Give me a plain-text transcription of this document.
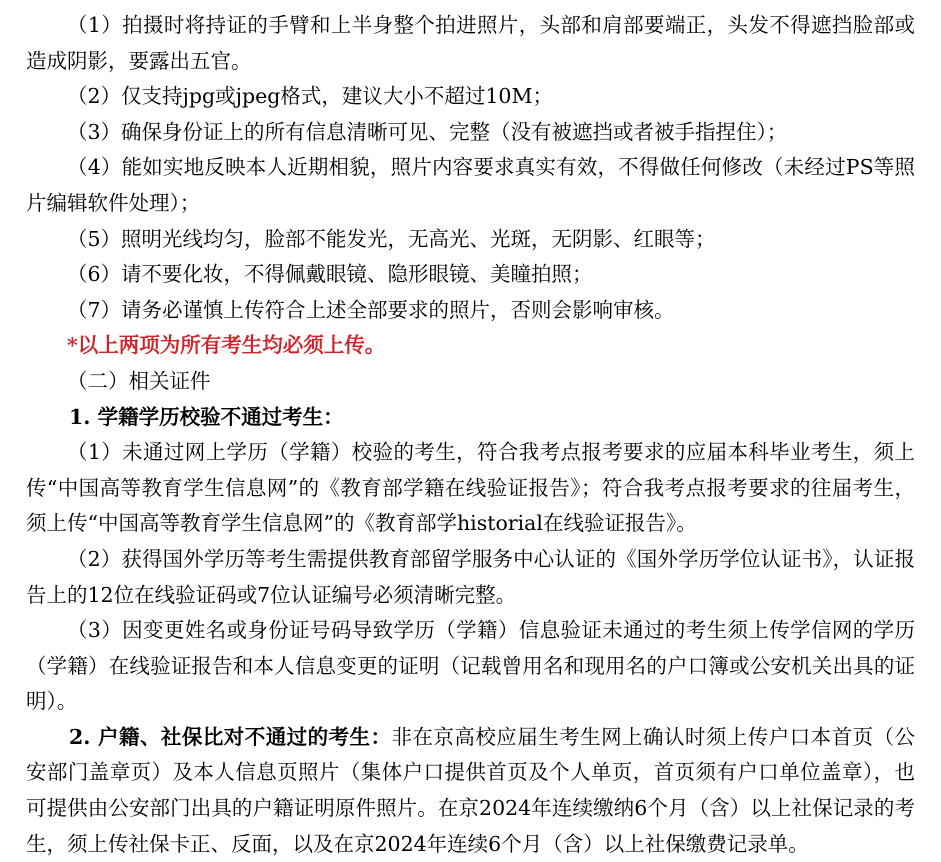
（1）拍摄时将持证的手臂和上半身整个拍进照片，头部和肩部要端正，头发不得遮挡脸部或造成阴影，要露出五官。

（2）仅支持jpg或jpeg格式，建议大小不超过10M；

（3）确保身份证上的所有信息清晰可见、完整（没有被遮挡或者被手指捏住）；

（4）能如实地反映本人近期相貌，照片内容要求真实有效，不得做任何修改（未经过PS等照片编辑软件处理）；

（5）照明光线均匀，脸部不能发光，无高光、光斑，无阴影、红眼等；

（6）请不要化妆，不得佩戴眼镜、隐形眼镜、美瞳拍照；

（7）请务必谨慎上传符合上述全部要求的照片，否则会影响审核。

*以上两项为所有考生均必须上传。

（二）相关证件

1. 学籍学历校验不通过考生：

（1）未通过网上学历（学籍）校验的考生，符合我考点报考要求的应届本科毕业考生，须上传“中国高等教育学生信息网”的《教育部学籍在线验证报告》；符合我考点报考要求的往届考生，须上传“中国高等教育学生信息网”的《教育部学historial在线验证报告》。

（2）获得国外学历等考生需提供教育部留学服务中心认证的《国外学历学位认证书》，认证报告上的12位在线验证码或7位认证编号必须清晰完整。

（3）因变更姓名或身份证号码导致学历（学籍）信息验证未通过的考生须上传学信网的学历（学籍）在线验证报告和本人信息变更的证明（记载曾用名和现用名的户口簿或公安机关出具的证明）。

2. 户籍、社保比对不通过的考生：非在京高校应届生考生网上确认时须上传户口本首页（公安部门盖章页）及本人信息页照片（集体户口提供首页及个人单页，首页须有户口单位盖章），也可提供由公安部门出具的户籍证明原件照片。在京2024年连续缴纳6个月（含）以上社保记录的考生，须上传社保卡正、反面，以及在京2024年连续6个月（含）以上社保缴费记录单。
